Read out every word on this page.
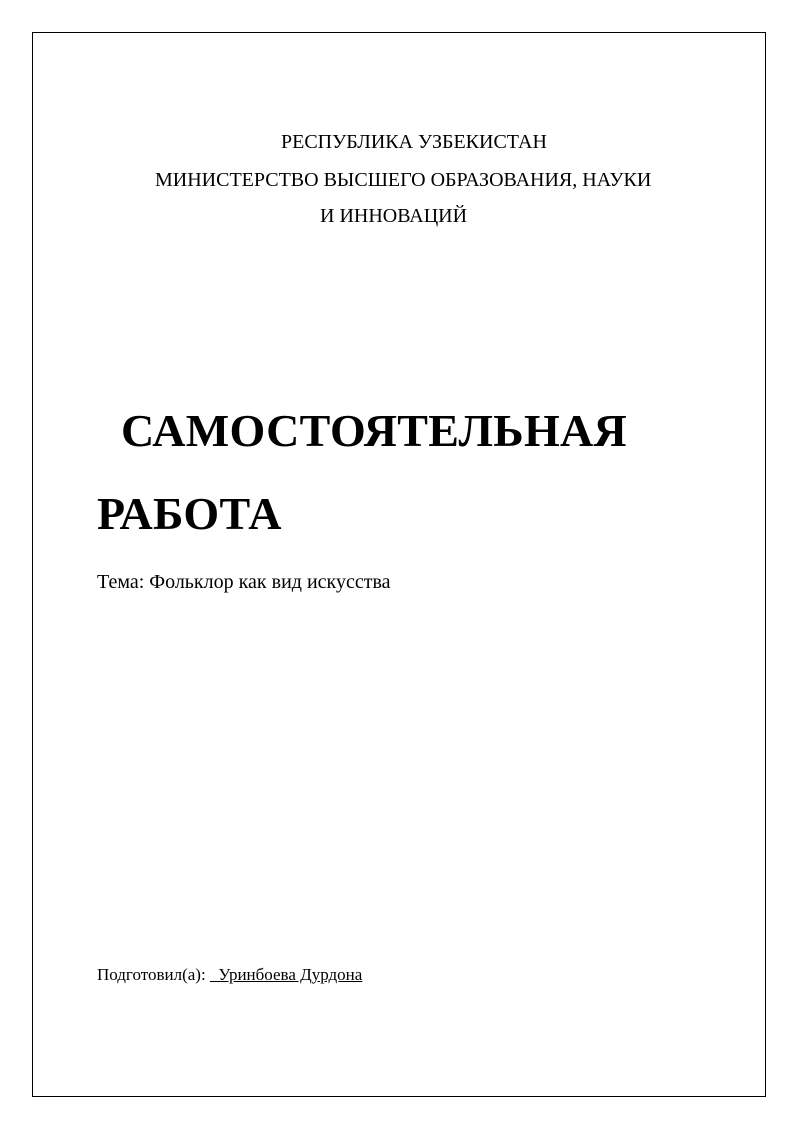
РЕСПУБЛИКА УЗБЕКИСТАН
МИНИСТЕРСТВО ВЫСШЕГО ОБРАЗОВАНИЯ, НАУКИ
И ИННОВАЦИЙ
САМОСТОЯТЕЛЬНАЯ
РАБОТА
Тема: Фольклор как вид искусства
Подготовил(а):   Уринбоева Дурдона
